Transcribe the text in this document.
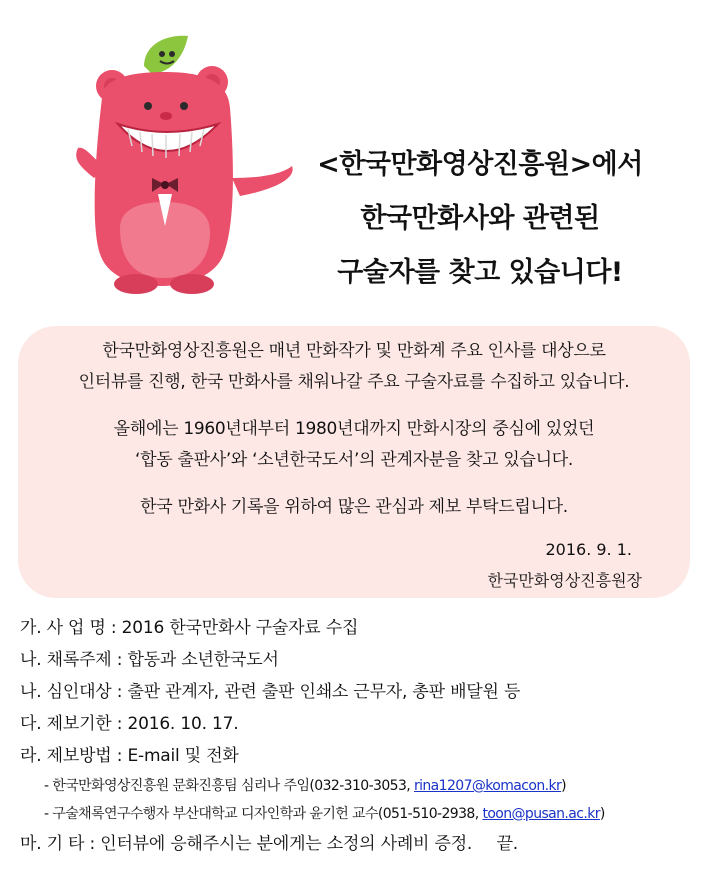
<한국만화영상진흥원>에서
한국만화사와 관련된
구술자를 찾고 있습니다!
한국만화영상진흥원은 매년 만화작가 및 만화계 주요 인사를 대상으로
인터뷰를 진행, 한국 만화사를 채워나갈 주요 구술자료를 수집하고 있습니다.
올해에는 1960년대부터 1980년대까지 만화시장의 중심에 있었던
‘합동 출판사’와 ‘소년한국도서’의 관계자분을 찾고 있습니다.
한국 만화사 기록을 위하여 많은 관심과 제보 부탁드립니다.
2016. 9. 1.
한국만화영상진흥원장
가. 사 업 명 : 2016 한국만화사 구술자료 수집
나. 채록주제 : 합동과 소년한국도서
나. 심인대상 : 출판 관계자, 관련 출판 인쇄소 근무자, 총판 배달원 등
다. 제보기한 : 2016. 10. 17.
라. 제보방법 : E-mail 및 전화
- 한국만화영상진흥원 문화진흥팀 심리나 주임(032-310-3053, rina1207@komacon.kr)
- 구술채록연구수행자 부산대학교 디자인학과 윤기헌 교수(051-510-2938, toon@pusan.ac.kr)
마. 기 타 : 인터뷰에 응해주시는 분에게는 소정의 사례비 증정. 끝.
